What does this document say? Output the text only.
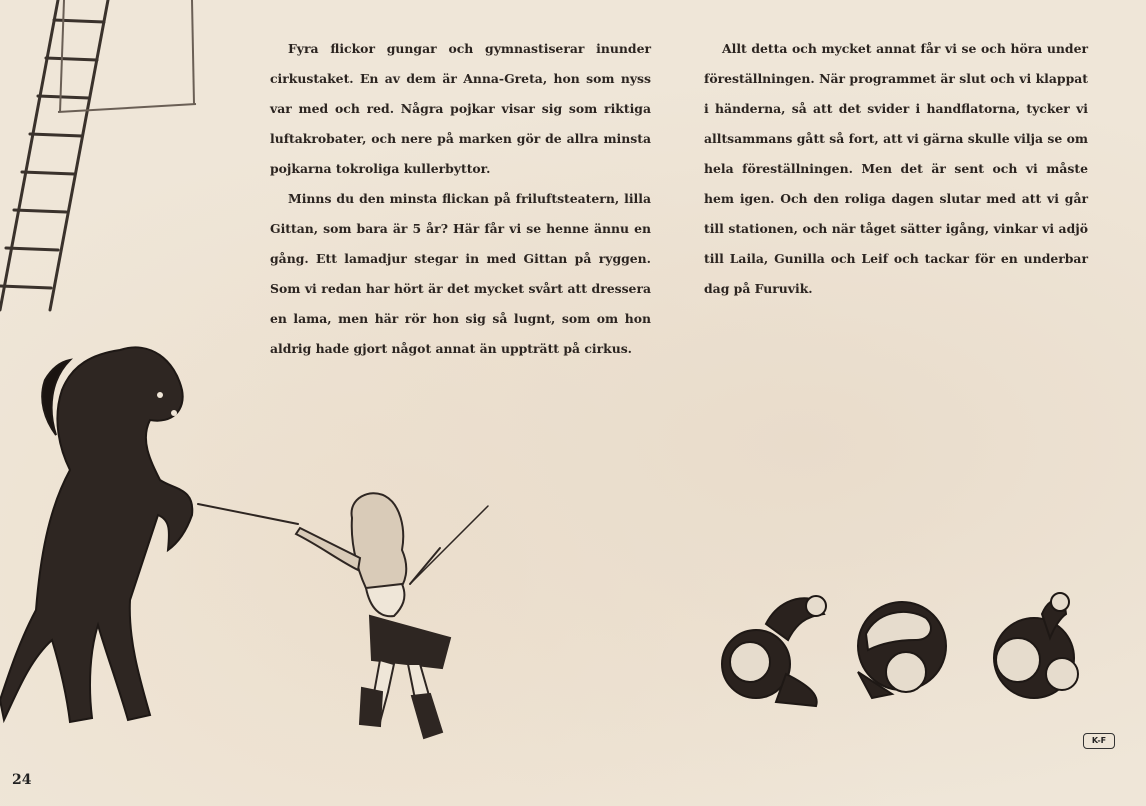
Fyra flickor gungar och gymnastiserar inunder cirkustaket. En av dem är Anna-Greta, hon som nyss var med och red. Några pojkar visar sig som riktiga luftakrobater, och nere på marken gör de allra minsta pojkarna tokroliga kullerbyttor.

Minns du den minsta flickan på friluftsteatern, lilla Gittan, som bara är 5 år? Här får vi se henne ännu en gång. Ett lamadjur stegar in med Gittan på ryggen. Som vi redan har hört är det mycket svårt att dressera en lama, men här rör hon sig så lugnt, som om hon aldrig hade gjort något annat än uppträtt på cirkus.

Allt detta och mycket annat får vi se och höra under föreställningen. När programmet är slut och vi klappat i händerna, så att det svider i handflatorna, tycker vi alltsammans gått så fort, att vi gärna skulle vilja se om hela föreställningen. Men det är sent och vi måste hem igen. Och den roliga dagen slutar med att vi går till stationen, och när tåget sätter igång, vinkar vi adjö till Laila, Gunilla och Leif och tackar för en underbar dag på Furuvik.

K-F
24
